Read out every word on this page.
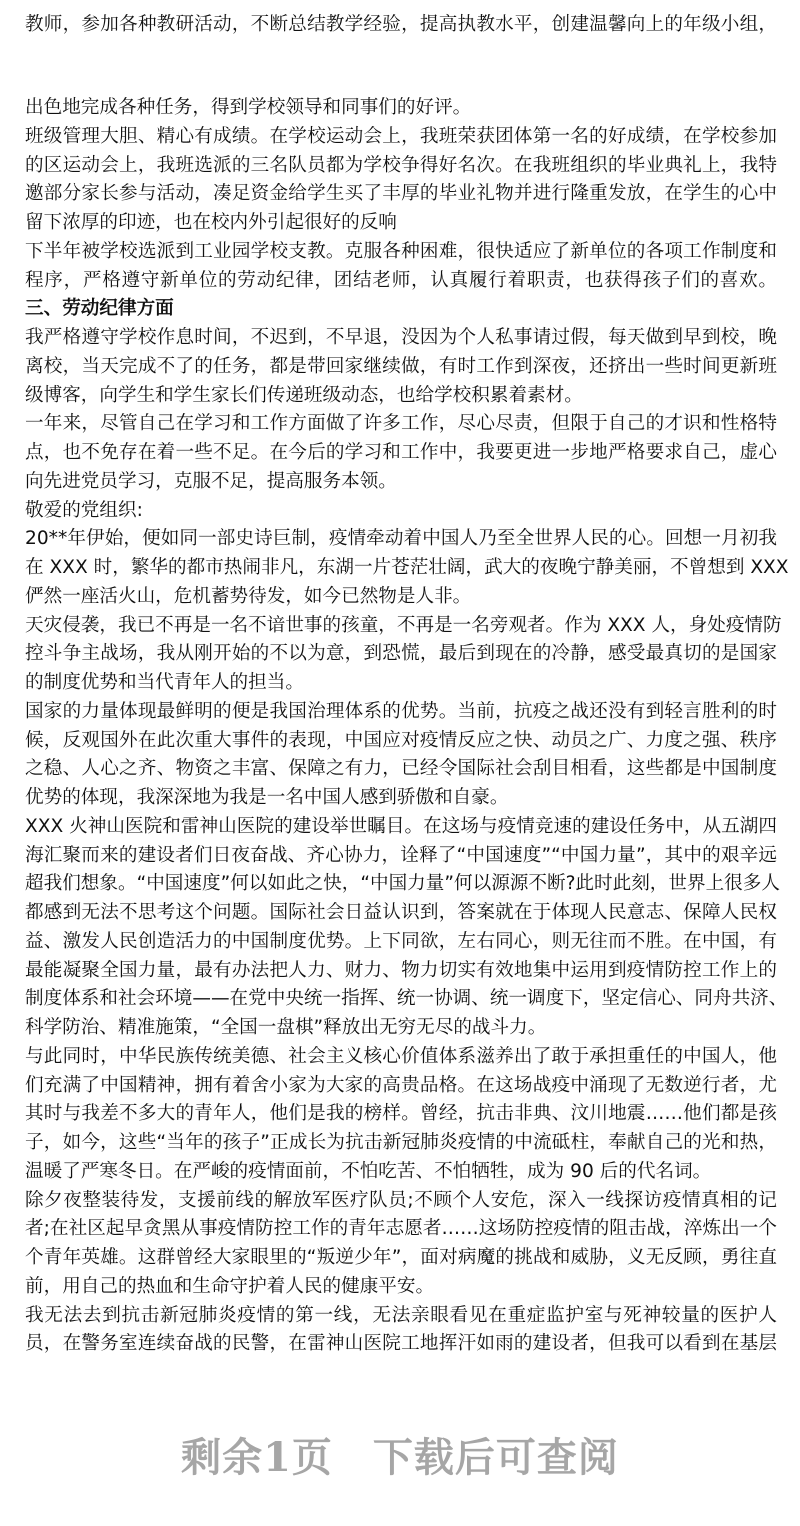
教师，参加各种教研活动，不断总结教学经验，提高执教水平，创建温馨向上的年级小组，
出色地完成各种任务，得到学校领导和同事们的好评。
班级管理大胆、精心有成绩。在学校运动会上，我班荣获团体第一名的好成绩，在学校参加
的区运动会上，我班选派的三名队员都为学校争得好名次。在我班组织的毕业典礼上，我特
邀部分家长参与活动，凑足资金给学生买了丰厚的毕业礼物并进行隆重发放，在学生的心中
留下浓厚的印迹，也在校内外引起很好的反响
下半年被学校选派到工业园学校支教。克服各种困难，很快适应了新单位的各项工作制度和
程序，严格遵守新单位的劳动纪律，团结老师，认真履行着职责，也获得孩子们的喜欢。
三、劳动纪律方面
我严格遵守学校作息时间，不迟到，不早退，没因为个人私事请过假，每天做到早到校，晚
离校，当天完成不了的任务，都是带回家继续做，有时工作到深夜，还挤出一些时间更新班
级博客，向学生和学生家长们传递班级动态，也给学校积累着素材。
一年来，尽管自己在学习和工作方面做了许多工作，尽心尽责，但限于自己的才识和性格特
点，也不免存在着一些不足。在今后的学习和工作中，我要更进一步地严格要求自己，虚心
向先进党员学习，克服不足，提高服务本领。
敬爱的党组织:
20**年伊始，便如同一部史诗巨制，疫情牵动着中国人乃至全世界人民的心。回想一月初我
在 XXX 时，繁华的都市热闹非凡，东湖一片苍茫壮阔，武大的夜晚宁静美丽，不曾想到 XXX
俨然一座活火山，危机蓄势待发，如今已然物是人非。
天灾侵袭，我已不再是一名不谙世事的孩童，不再是一名旁观者。作为 XXX 人，身处疫情防
控斗争主战场，我从刚开始的不以为意，到恐慌，最后到现在的冷静，感受最真切的是国家
的制度优势和当代青年人的担当。
国家的力量体现最鲜明的便是我国治理体系的优势。当前，抗疫之战还没有到轻言胜利的时
候，反观国外在此次重大事件的表现，中国应对疫情反应之快、动员之广、力度之强、秩序
之稳、人心之齐、物资之丰富、保障之有力，已经令国际社会刮目相看，这些都是中国制度
优势的体现，我深深地为我是一名中国人感到骄傲和自豪。
XXX 火神山医院和雷神山医院的建设举世瞩目。在这场与疫情竞速的建设任务中，从五湖四
海汇聚而来的建设者们日夜奋战、齐心协力，诠释了“中国速度”“中国力量”，其中的艰辛远
超我们想象。“中国速度”何以如此之快，“中国力量”何以源源不断?此时此刻，世界上很多人
都感到无法不思考这个问题。国际社会日益认识到，答案就在于体现人民意志、保障人民权
益、激发人民创造活力的中国制度优势。上下同欲，左右同心，则无往而不胜。在中国，有
最能凝聚全国力量，最有办法把人力、财力、物力切实有效地集中运用到疫情防控工作上的
制度体系和社会环境——在党中央统一指挥、统一协调、统一调度下，坚定信心、同舟共济、
科学防治、精准施策，“全国一盘棋”释放出无穷无尽的战斗力。
与此同时，中华民族传统美德、社会主义核心价值体系滋养出了敢于承担重任的中国人，他
们充满了中国精神，拥有着舍小家为大家的高贵品格。在这场战疫中涌现了无数逆行者，尤
其时与我差不多大的青年人，他们是我的榜样。曾经，抗击非典、汶川地震……他们都是孩
子，如今，这些“当年的孩子”正成长为抗击新冠肺炎疫情的中流砥柱，奉献自己的光和热，
温暖了严寒冬日。在严峻的疫情面前，不怕吃苦、不怕牺牲，成为 90 后的代名词。
除夕夜整装待发，支援前线的解放军医疗队员;不顾个人安危，深入一线探访疫情真相的记
者;在社区起早贪黑从事疫情防控工作的青年志愿者……这场防控疫情的阻击战，淬炼出一个
个青年英雄。这群曾经大家眼里的“叛逆少年”，面对病魔的挑战和威胁，义无反顾，勇往直
前，用自己的热血和生命守护着人民的健康平安。
我无法去到抗击新冠肺炎疫情的第一线，无法亲眼看见在重症监护室与死神较量的医护人
员，在警务室连续奋战的民警，在雷神山医院工地挥汗如雨的建设者，但我可以看到在基层
剩余1页 下载后可查阅
